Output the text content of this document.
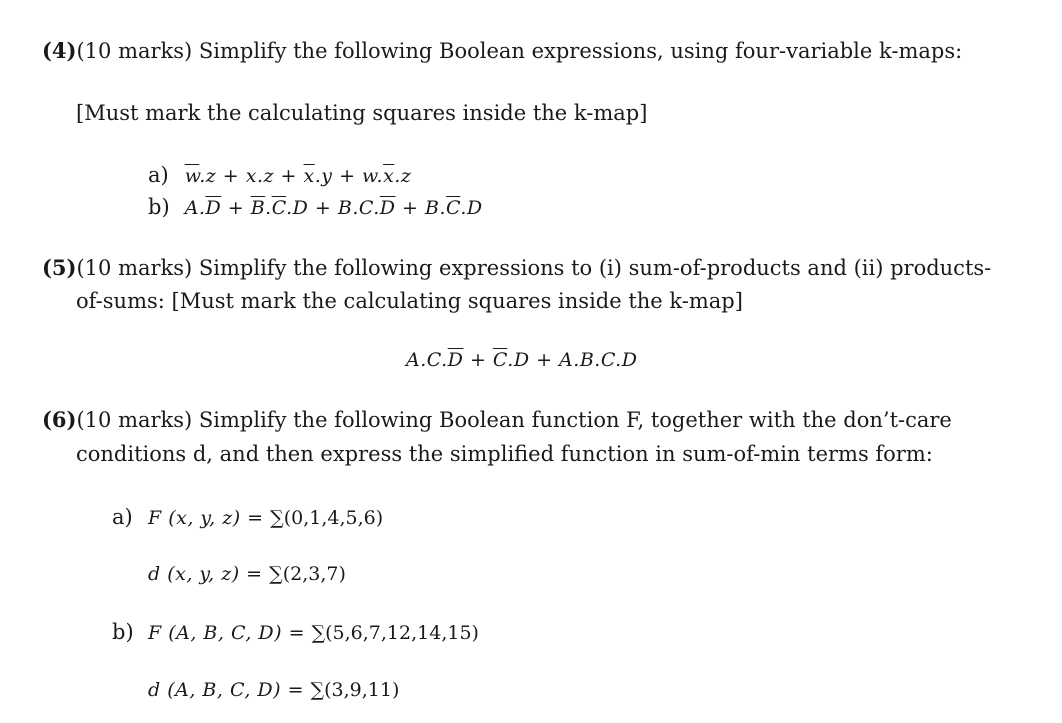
(4)(10 marks) Simplify the following Boolean expressions, using four-variable k-maps:
[Must mark the calculating squares inside the k-map]
a) $\overline{w}.z + x.z + \overline{x}.y + w.\overline{x}.z$
b) $A.\overline{D} + \overline{B}.\overline{C}.D + B.C.\overline{D} + B.\overline{C}.D$
(5)(10 marks) Simplify the following expressions to (i) sum-of-products and (ii) products-
of-sums: [Must mark the calculating squares inside the k-map]
$A.C.\overline{D} + \overline{C}.D + A.B.C.D$
(6)(10 marks) Simplify the following Boolean function F, together with the don’t-care
conditions d, and then express the simplified function in sum-of-min terms form:
a) F (x, y, z) = ∑(0,1,4,5,6)
d (x, y, z) = ∑(2,3,7)
b) F (A, B, C, D) = ∑(5,6,7,12,14,15)
d (A, B, C, D) = ∑(3,9,11)
